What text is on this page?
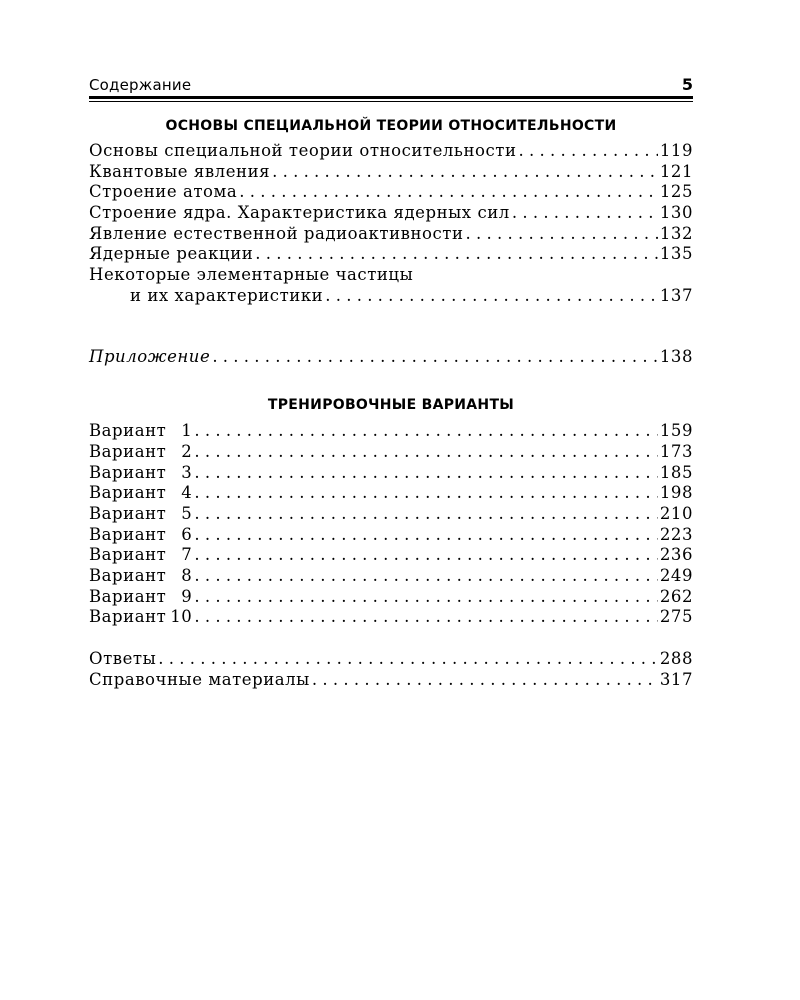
Содержание	5
ОСНОВЫ СПЕЦИАЛЬНОЙ ТЕОРИИ ОТНОСИТЕЛЬНОСТИ
Основы специальной теории относительности . . .	119
Квантовые явления . . .	121
Строение атома . . .	125
Строение ядра. Характеристика ядерных сил . . .	130
Явление естественной радиоактивности . . .	132
Ядерные реакции . . .	135
Некоторые элементарные частицы
и их характеристики . . .	137
Приложение . . .	138
ТРЕНИРОВОЧНЫЕ ВАРИАНТЫ
Вариант 1 . . .	159
Вариант 2 . . .	173
Вариант 3 . . .	185
Вариант 4 . . .	198
Вариант 5 . . .	210
Вариант 6 . . .	223
Вариант 7 . . .	236
Вариант 8 . . .	249
Вариант 9 . . .	262
Вариант 10 . . .	275
Ответы . . .	288
Справочные материалы . . .	317
